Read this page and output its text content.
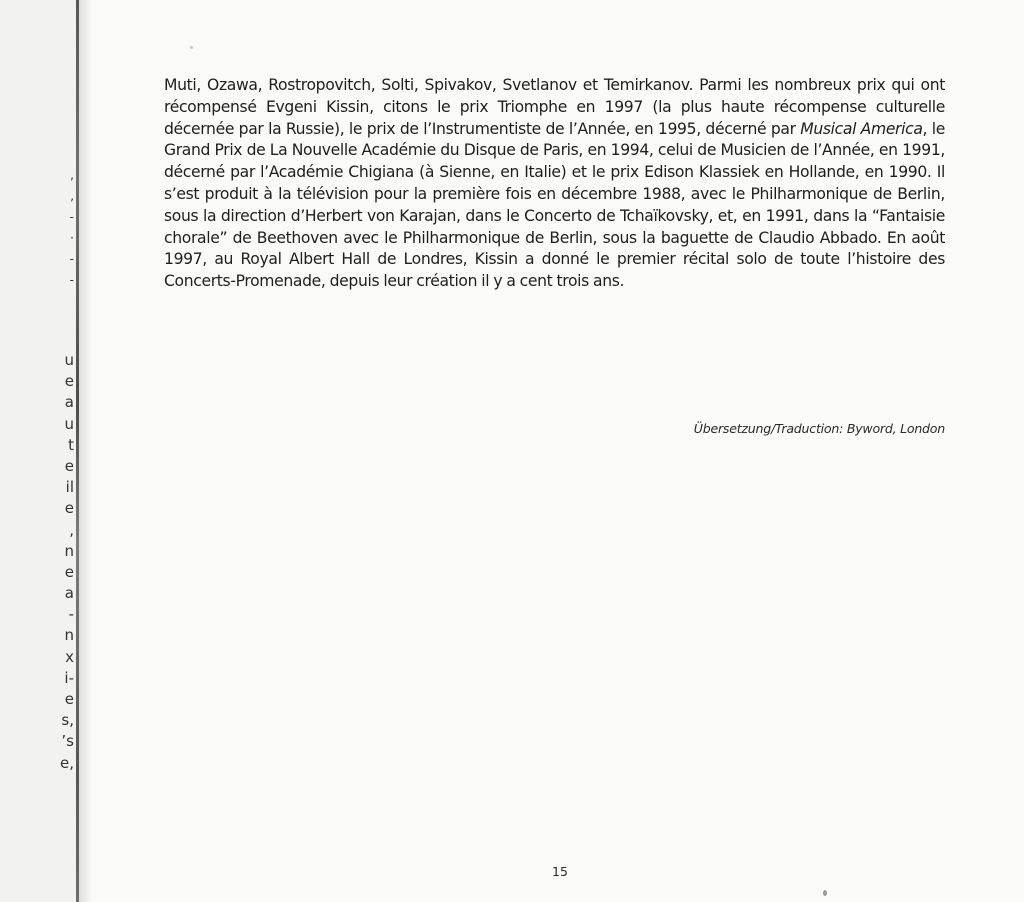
,
‚
-
·
-
-
u
e
a
u
t
e
il
e
,
n
e
a
-
n
x
i-
e
s,
’s
e,

Muti, Ozawa, Rostropovitch, Solti, Spivakov, Svetlanov et Temirkanov. Parmi les nombreux prix qui ont récompensé Evgeni Kissin, citons le prix Triomphe en 1997 (la plus haute récompense culturelle décernée par la Russie), le prix de l’Instrumentiste de l’Année, en 1995, décerné par Musical America, le Grand Prix de La Nouvelle Académie du Disque de Paris, en 1994, celui de Musicien de l’Année, en 1991, décerné par l’Académie Chigiana (à Sienne, en Italie) et le prix Edison Klassiek en Hollande, en 1990. Il s’est produit à la télévision pour la première fois en décembre 1988, avec le Philharmonique de Berlin, sous la direction d’Herbert von Karajan, dans le Concerto de Tchaïkovsky, et, en 1991, dans la “Fantaisie chorale” de Beethoven avec le Philharmonique de Berlin, sous la baguette de Claudio Abbado. En août 1997, au Royal Albert Hall de Londres, Kissin a donné le premier récital solo de toute l’histoire des Concerts-Promenade, depuis leur création il y a cent trois ans.

Übersetzung/Traduction: Byword, London
15
